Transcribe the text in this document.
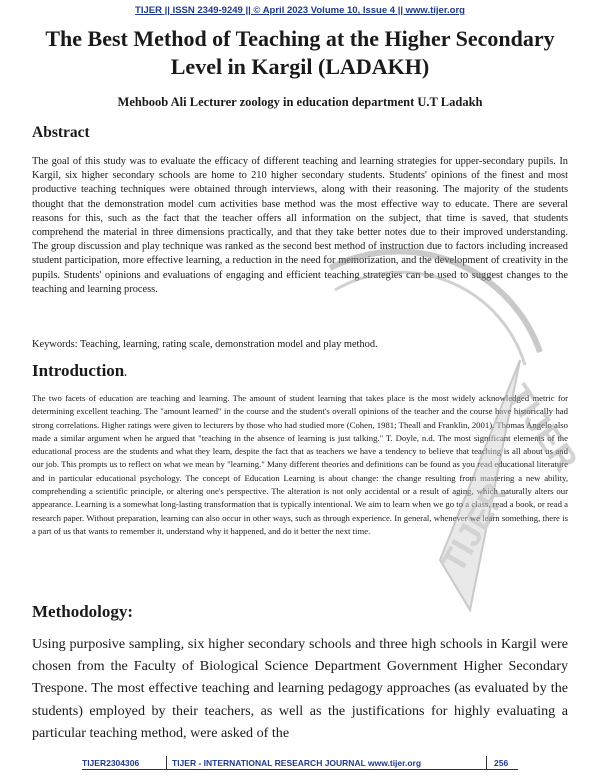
TIJER || ISSN 2349-9249 || © April 2023 Volume 10, Issue 4 || www.tijer.org
The Best Method of Teaching at the Higher Secondary Level in Kargil (LADAKH)
Mehboob Ali Lecturer zoology in education department U.T Ladakh
Abstract

The goal of this study was to evaluate the efficacy of different teaching and learning strategies for upper-secondary pupils. In Kargil, six higher secondary schools are home to 210 higher secondary students. Students' opinions of the finest and most productive teaching techniques were obtained through interviews, along with their reasoning. The majority of the students thought that the demonstration model cum activities base method was the most effective way to educate. There are several reasons for this, such as the fact that the teacher offers all information on the subject, that time is saved, that students comprehend the material in three dimensions practically, and that they take better notes due to their improved understanding. The group discussion and play technique was ranked as the second best method of instruction due to factors including increased student participation, more effective learning, a reduction in the need for memorization, and the development of creativity in the pupils. Students' opinions and evaluations of engaging and efficient teaching strategies can be used to suggest changes to the teaching and learning process.

Keywords: Teaching, learning, rating scale, demonstration model and play method.

Introduction.

The two facets of education are teaching and learning. The amount of student learning that takes place is the most widely acknowledged metric for determining excellent teaching. The "amount learned" in the course and the student's overall opinions of the teacher and the course have historically had strong correlations. Higher ratings were given to lecturers by those who had studied more (Cohen, 1981; Theall and Franklin, 2001). Thomas Angelo also made a similar argument when he argued that "teaching in the absence of learning is just talking." T. Doyle, n.d. The most significant elements of the educational process are the students and what they learn, despite the fact that as teachers we have a tendency to believe that teaching is all about us and our job. This prompts us to reflect on what we mean by "learning." Many different theories and definitions can be found as you read educational literature and in particular educational psychology. The concept of Education Learning is about change: the change resulting from mastering a new ability, comprehending a scientific principle, or altering one's perspective. The alteration is not only accidental or a result of aging, which naturally alters our appearance. Learning is a somewhat long-lasting transformation that is typically intentional. We aim to learn when we go to a class, read a book, or read a research paper. Without preparation, learning can also occur in other ways, such as through experience. In general, whenever we learn something, there is a part of us that wants to remember it, understand why it happened, and do it better the next time.

Methodology:

Using purposive sampling, six higher secondary schools and three high schools in Kargil were chosen from the Faculty of Biological Science Department Government Higher Secondary Trespone. The most effective teaching and learning pedagogy approaches (as evaluated by the students) employed by their teachers, as well as the justifications for highly evaluating a particular teaching method, were asked of the

TIJER
TIJER
TIJER2304306	TIJER - INTERNATIONAL RESEARCH JOURNAL www.tijer.org	256
